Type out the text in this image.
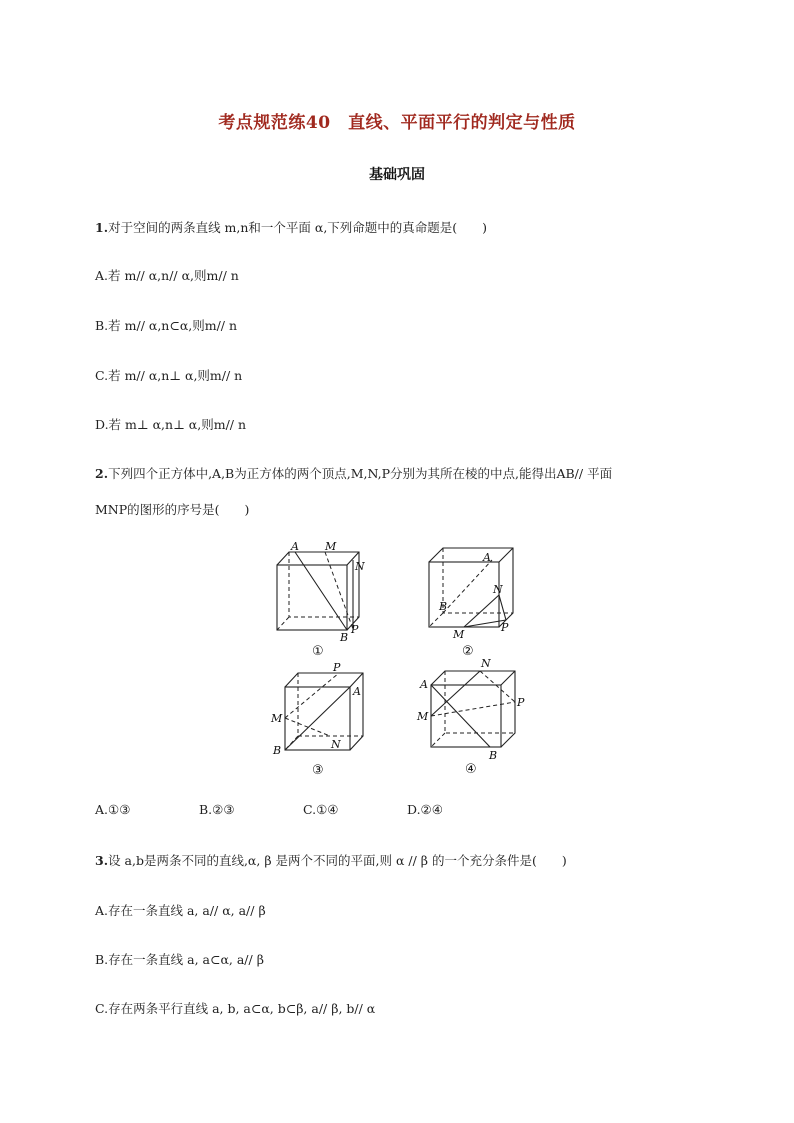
考点规范练40　直线、平面平行的判定与性质
基础巩固
1.对于空间的两条直线 m,n和一个平面 α,下列命题中的真命题是(　　)
A.若 m// α,n// α,则m// n
B.若 m// α,n⊂α,则m// n
C.若 m// α,n⊥ α,则m// n
D.若 m⊥ α,n⊥ α,则m// n
2.下列四个正方体中,A,B为正方体的两个顶点,M,N,P分别为其所在棱的中点,能得出AB// 平面
MNP的图形的序号是(　　)
A M
N
B
P
①
A
N
B
M
P
②
P
A
M
B	N
③
N
A
P
M
B
④
A.①③	B.②③	C.①④	D.②④
3.设 a,b是两条不同的直线,α, β 是两个不同的平面,则 α // β 的一个充分条件是(　　)
A.存在一条直线 a, a// α, a// β
B.存在一条直线 a, a⊂α, a// β
C.存在两条平行直线 a, b, a⊂α, b⊂β, a// β, b// α
